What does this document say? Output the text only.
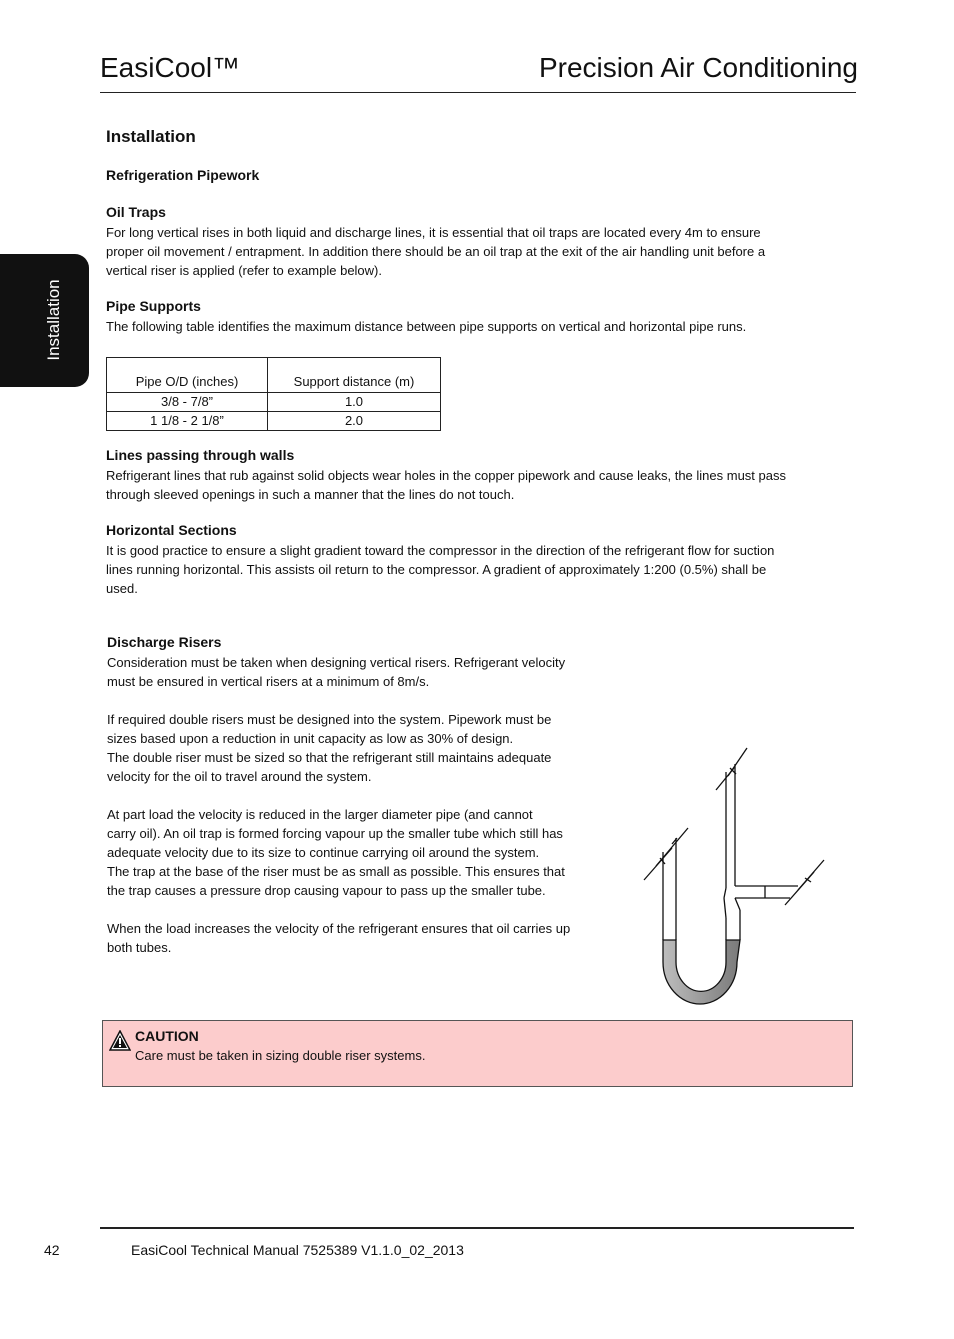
EasiCool™	Precision Air Conditioning
Installation
Installation
Refrigeration Pipework
Oil Traps
For long vertical rises in both liquid and discharge lines, it is essential that oil traps are located every 4m to ensure
proper oil movement / entrapment. In addition there should be an oil trap at the exit of the air handling unit before a
vertical riser is applied (refer to example below).
Pipe Supports
The following table identifies the maximum distance between pipe supports on vertical and horizontal pipe runs.
Pipe O/D (inches)	Support distance (m)
3/8 - 7/8”	1.0
1 1/8 - 2 1/8”	2.0
Lines passing through walls
Refrigerant lines that rub against solid objects wear holes in the copper pipework and cause leaks, the lines must pass
through sleeved openings in such a manner that the lines do not touch.
Horizontal Sections
It is good practice to ensure a slight gradient toward the compressor in the direction of the refrigerant flow for suction
lines running horizontal. This assists oil return to the compressor. A gradient of approximately 1:200 (0.5%) shall be
used.
Discharge Risers
Consideration must be taken when designing vertical risers. Refrigerant velocity
must be ensured in vertical risers at a minimum of 8m/s.
If required double risers must be designed into the system. Pipework must be
sizes based upon a reduction in unit capacity as low as 30% of design.
The double riser must be sized so that the refrigerant still maintains adequate
velocity for the oil to travel around the system.
At part load the velocity is reduced in the larger diameter pipe (and cannot
carry oil). An oil trap is formed forcing vapour up the smaller tube which still has
adequate velocity due to its size to continue carrying oil around the system.
The trap at the base of the riser must be as small as possible. This ensures that
the trap causes a pressure drop causing vapour to pass up the smaller tube.
When the load increases the velocity of the refrigerant ensures that oil carries up
both tubes.
CAUTION
Care must be taken in sizing double riser systems.
42	EasiCool Technical Manual 7525389 V1.1.0_02_2013
